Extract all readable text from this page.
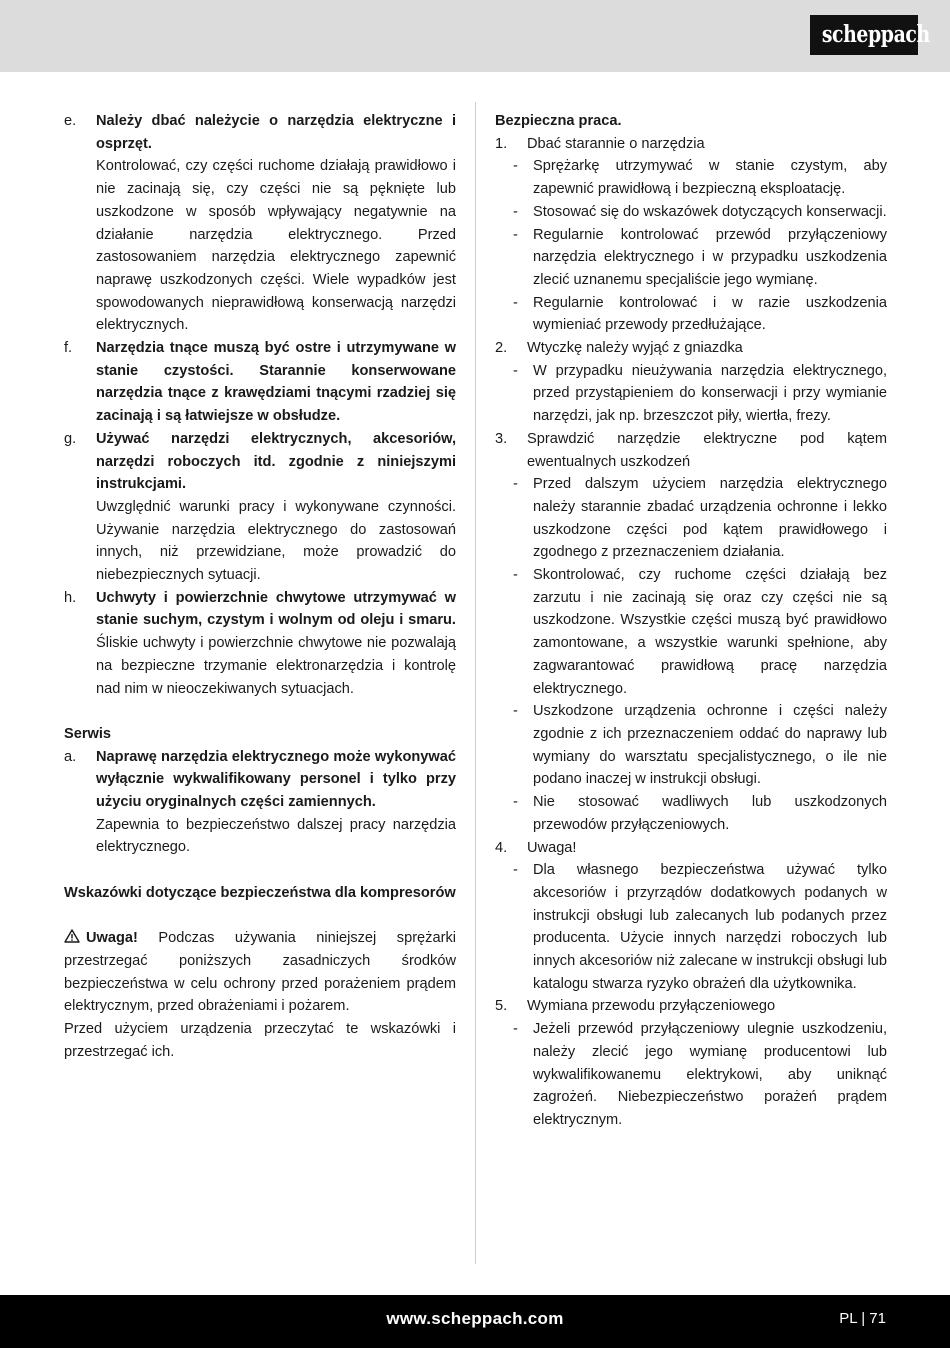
scheppach
e. Należy dbać należycie o narzędzia elektryczne i osprzęt.
Kontrolować, czy części ruchome działają prawidłowo i nie zacinają się, czy części nie są pęknięte lub uszkodzone w sposób wpływający negatywnie na działanie narzędzia elektrycznego. Przed zastosowaniem narzędzia elektrycznego zapewnić naprawę uszkodzonych części. Wiele wypadków jest spowodowanych nieprawidłową konserwacją narzędzi elektrycznych.
f. Narzędzia tnące muszą być ostre i utrzymywane w stanie czystości. Starannie konserwowane narzędzia tnące z krawędziami tnącymi rzadziej się zacinają i są łatwiejsze w obsłudze.
g. Używać narzędzi elektrycznych, akcesoriów, narzędzi roboczych itd. zgodnie z niniejszymi instrukcjami.
Uwzględnić warunki pracy i wykonywane czynności. Używanie narzędzia elektrycznego do zastosowań innych, niż przewidziane, może prowadzić do niebezpiecznych sytuacji.
h. Uchwyty i powierzchnie chwytowe utrzymywać w stanie suchym, czystym i wolnym od oleju i smaru. Śliskie uchwyty i powierzchnie chwytowe nie pozwalają na bezpieczne trzymanie elektronarzędzia i kontrolę nad nim w nieoczekiwanych sytuacjach.
Serwis
a. Naprawę narzędzia elektrycznego może wykonywać wyłącznie wykwalifikowany personel i tylko przy użyciu oryginalnych części zamiennych.
Zapewnia to bezpieczeństwo dalszej pracy narzędzia elektrycznego.

Wskazówki dotyczące bezpieczeństwa dla kompresorów

Uwaga! Podczas używania niniejszej sprężarki przestrzegać poniższych zasadniczych środków bezpieczeństwa w celu ochrony przed porażeniem prądem elektrycznym, przed obrażeniami i pożarem.

Przed użyciem urządzenia przeczytać te wskazówki i przestrzegać ich.

Bezpieczna praca.
1. Dbać starannie o narzędzia
- Sprężarkę utrzymywać w stanie czystym, aby zapewnić prawidłową i bezpieczną eksploatację.
- Stosować się do wskazówek dotyczących konserwacji.
- Regularnie kontrolować przewód przyłączeniowy narzędzia elektrycznego i w przypadku uszkodzenia zlecić uznanemu specjaliście jego wymianę.
- Regularnie kontrolować i w razie uszkodzenia wymieniać przewody przedłużające.
2. Wtyczkę należy wyjąć z gniazdka
- W przypadku nieużywania narzędzia elektrycznego, przed przystąpieniem do konserwacji i przy wymianie narzędzi, jak np. brzeszczot piły, wiertła, frezy.
3. Sprawdzić narzędzie elektryczne pod kątem ewentualnych uszkodzeń
- Przed dalszym użyciem narzędzia elektrycznego należy starannie zbadać urządzenia ochronne i lekko uszkodzone części pod kątem prawidłowego i zgodnego z przeznaczeniem działania.
- Skontrolować, czy ruchome części działają bez zarzutu i nie zacinają się oraz czy części nie są uszkodzone. Wszystkie części muszą być prawidłowo zamontowane, a wszystkie warunki spełnione, aby zagwarantować prawidłową pracę narzędzia elektrycznego.
- Uszkodzone urządzenia ochronne i części należy zgodnie z ich przeznaczeniem oddać do naprawy lub wymiany do warsztatu specjalistycznego, o ile nie podano inaczej w instrukcji obsługi.
- Nie stosować wadliwych lub uszkodzonych przewodów przyłączeniowych.
4. Uwaga!
- Dla własnego bezpieczeństwa używać tylko akcesoriów i przyrządów dodatkowych podanych w instrukcji obsługi lub zalecanych lub podanych przez producenta. Użycie innych narzędzi roboczych lub innych akcesoriów niż zalecane w instrukcji obsługi lub katalogu stwarza ryzyko obrażeń dla użytkownika.
5. Wymiana przewodu przyłączeniowego
- Jeżeli przewód przyłączeniowy ulegnie uszkodzeniu, należy zlecić jego wymianę producentowi lub wykwalifikowanemu elektrykowi, aby uniknąć zagrożeń. Niebezpieczeństwo porażeń prądem elektrycznym.
www.scheppach.com	PL | 71
